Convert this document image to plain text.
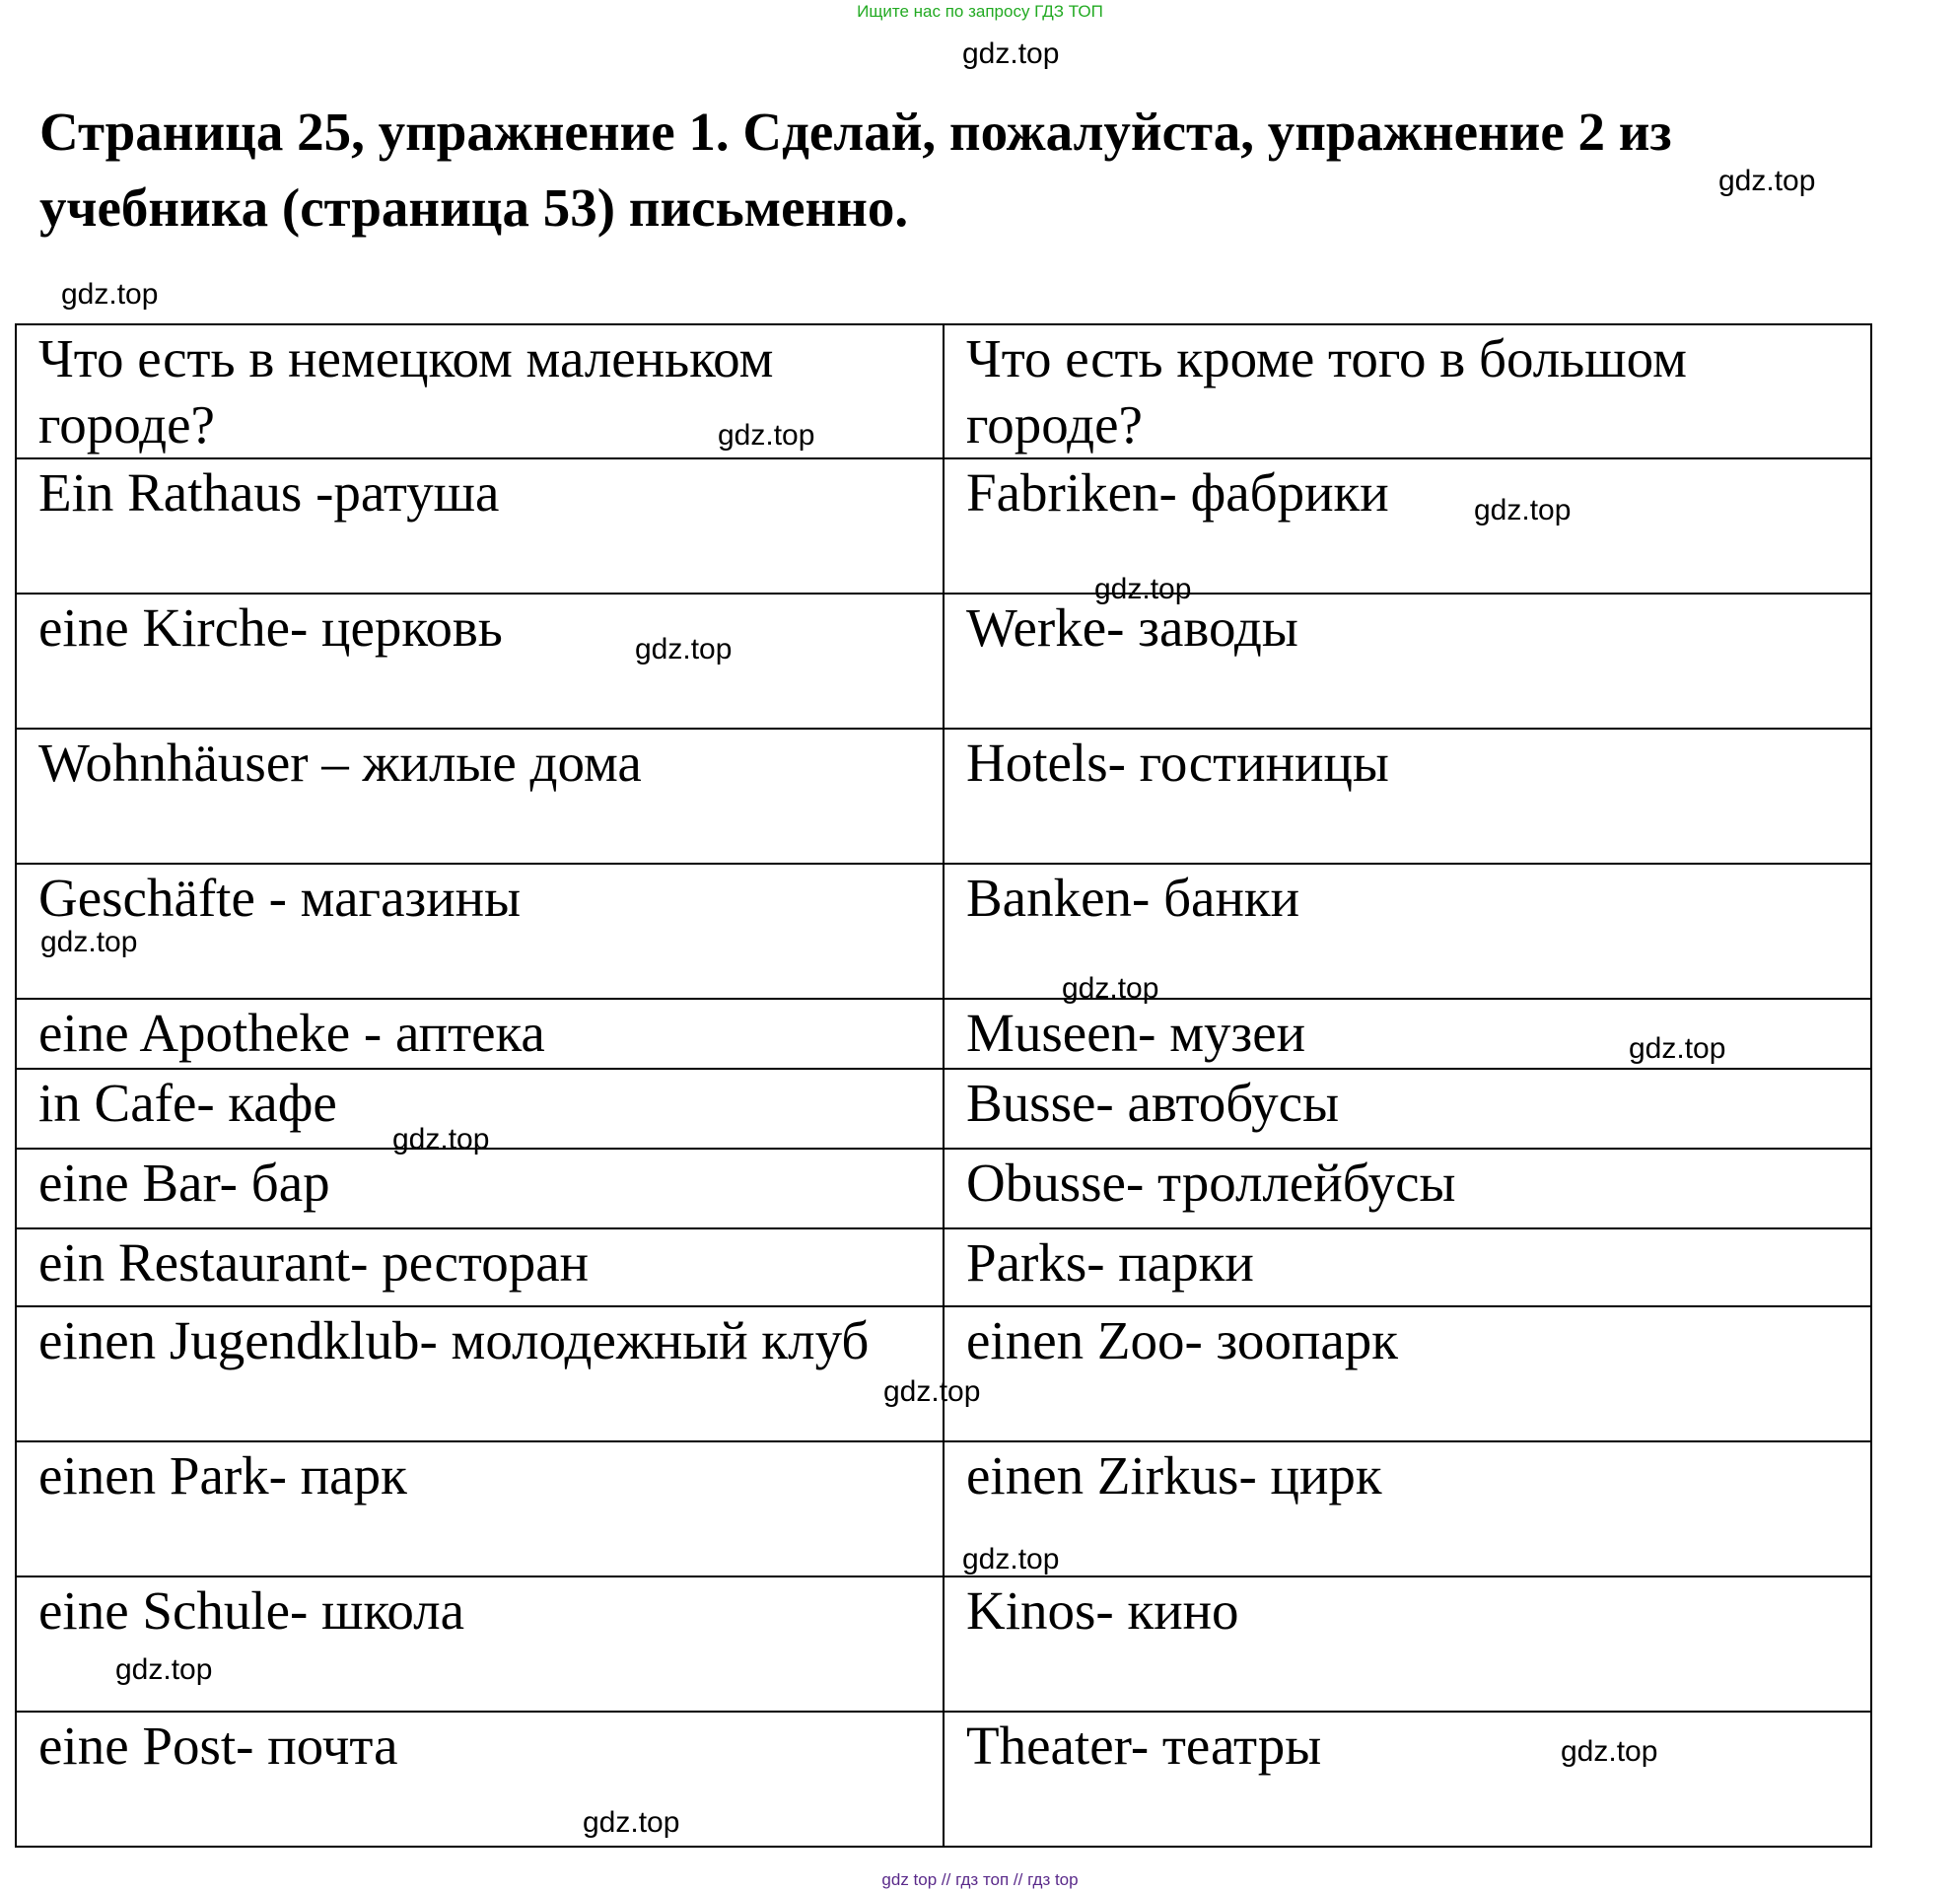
Ищите нас по запросу ГДЗ ТОП
gdz.top
Страница 25, упражнение 1. Сделай, пожалуйста, упражнение 2 из учебника (страница 53) письменно.	gdz.top
gdz.top
Что есть в немецком маленьком городе?	Что есть кроме того в большом городе?
Ein Rathaus -ратуша	Fabriken- фабрики
eine Kirche- церковь	Werke- заводы
Wohnhäuser – жилые дома	Hotels- гостиницы
Geschäfte - магазины	Banken- банки
eine Apotheke - аптека	Museen- музеи
in Cafe- кафе	Busse- автобусы
eine Bar- бар	Obusse- троллейбусы
ein Restaurant- ресторан	Parks- парки
einen Jugendklub- молодежный клуб	einen Zoo- зоопарк
einen Park- парк	einen Zirkus- цирк
eine Schule- школа	Kinos- кино
eine Post- почта	Theater- театры
gdz.top
gdz.top
gdz.top
gdz.top
gdz.top
gdz.top
gdz.top
gdz.top
gdz.top
gdz.top
gdz.top
gdz.top
gdz.top
gdz top // гдз топ // гдз top
